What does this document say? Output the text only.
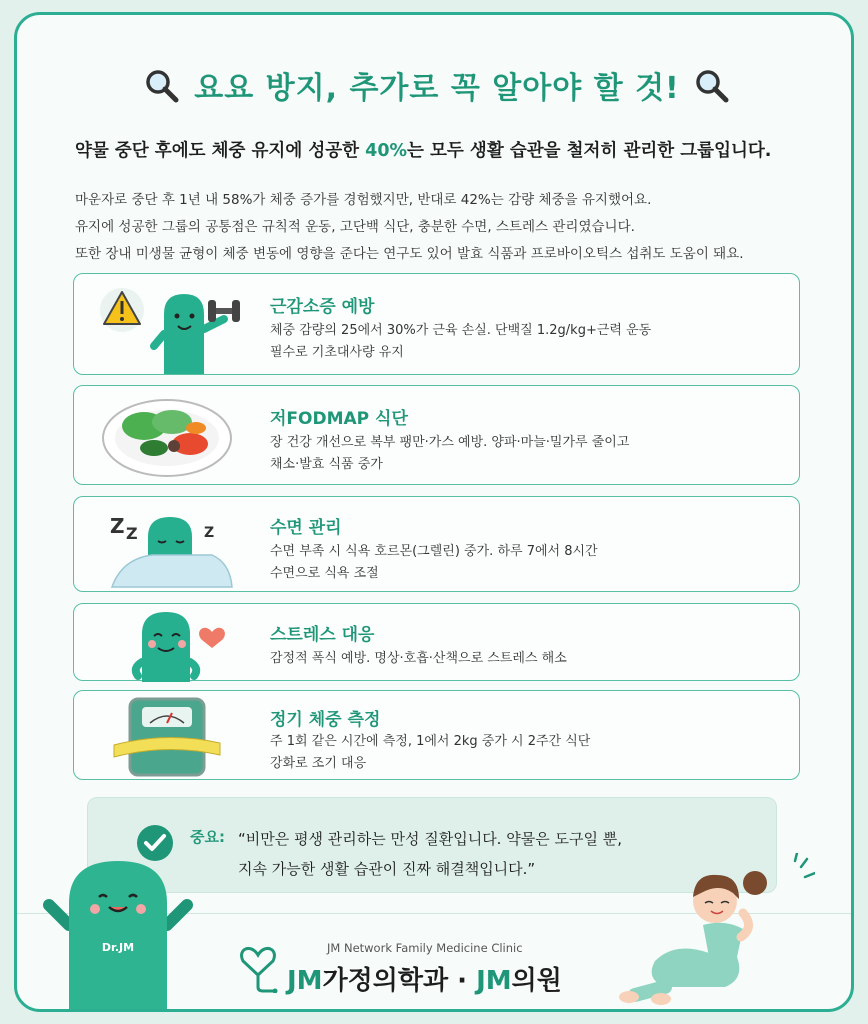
요요 방지, 추가로 꼭 알아야 할 것!
약물 중단 후에도 체중 유지에 성공한 40%는 모두 생활 습관을 철저히 관리한 그룹입니다.
마운자로 중단 후 1년 내 58%가 체중 증가를 경험했지만, 반대로 42%는 감량 체중을 유지했어요.
유지에 성공한 그룹의 공통점은 규칙적 운동, 고단백 식단, 충분한 수면, 스트레스 관리였습니다.
또한 장내 미생물 균형이 체중 변동에 영향을 준다는 연구도 있어 발효 식품과 프로바이오틱스 섭취도 도움이 돼요.
근감소증 예방

체중 감량의 25에서 30%가 근육 손실. 단백질 1.2g/kg+근력 운동
필수로 기초대사량 유지

저FODMAP 식단

장 건강 개선으로 복부 팽만·가스 예방. 양파·마늘·밀가루 줄이고
채소·발효 식품 중가

Z Z	Z	수면 관리

수면 부족 시 식욕 호르몬(그렐린) 중가. 하루 7에서 8시간
수면으로 식욕 조절

스트레스 대응

감정적 폭식 예방. 명상·호흡·산책으로 스트레스 해소

정기 체중 측정

주 1회 같은 시간에 측정, 1에서 2kg 중가 시 2주간 식단
강화로 조기 대응

중요: “비만은 평생 관리하는 만성 질환입니다. 약물은 도구일 뿐,
지속 가능한 생활 습관이 진짜 해결책입니다.”
Dr.JM	JM Network Family Medicine Clinic
JM가정의학과 · JM의원
